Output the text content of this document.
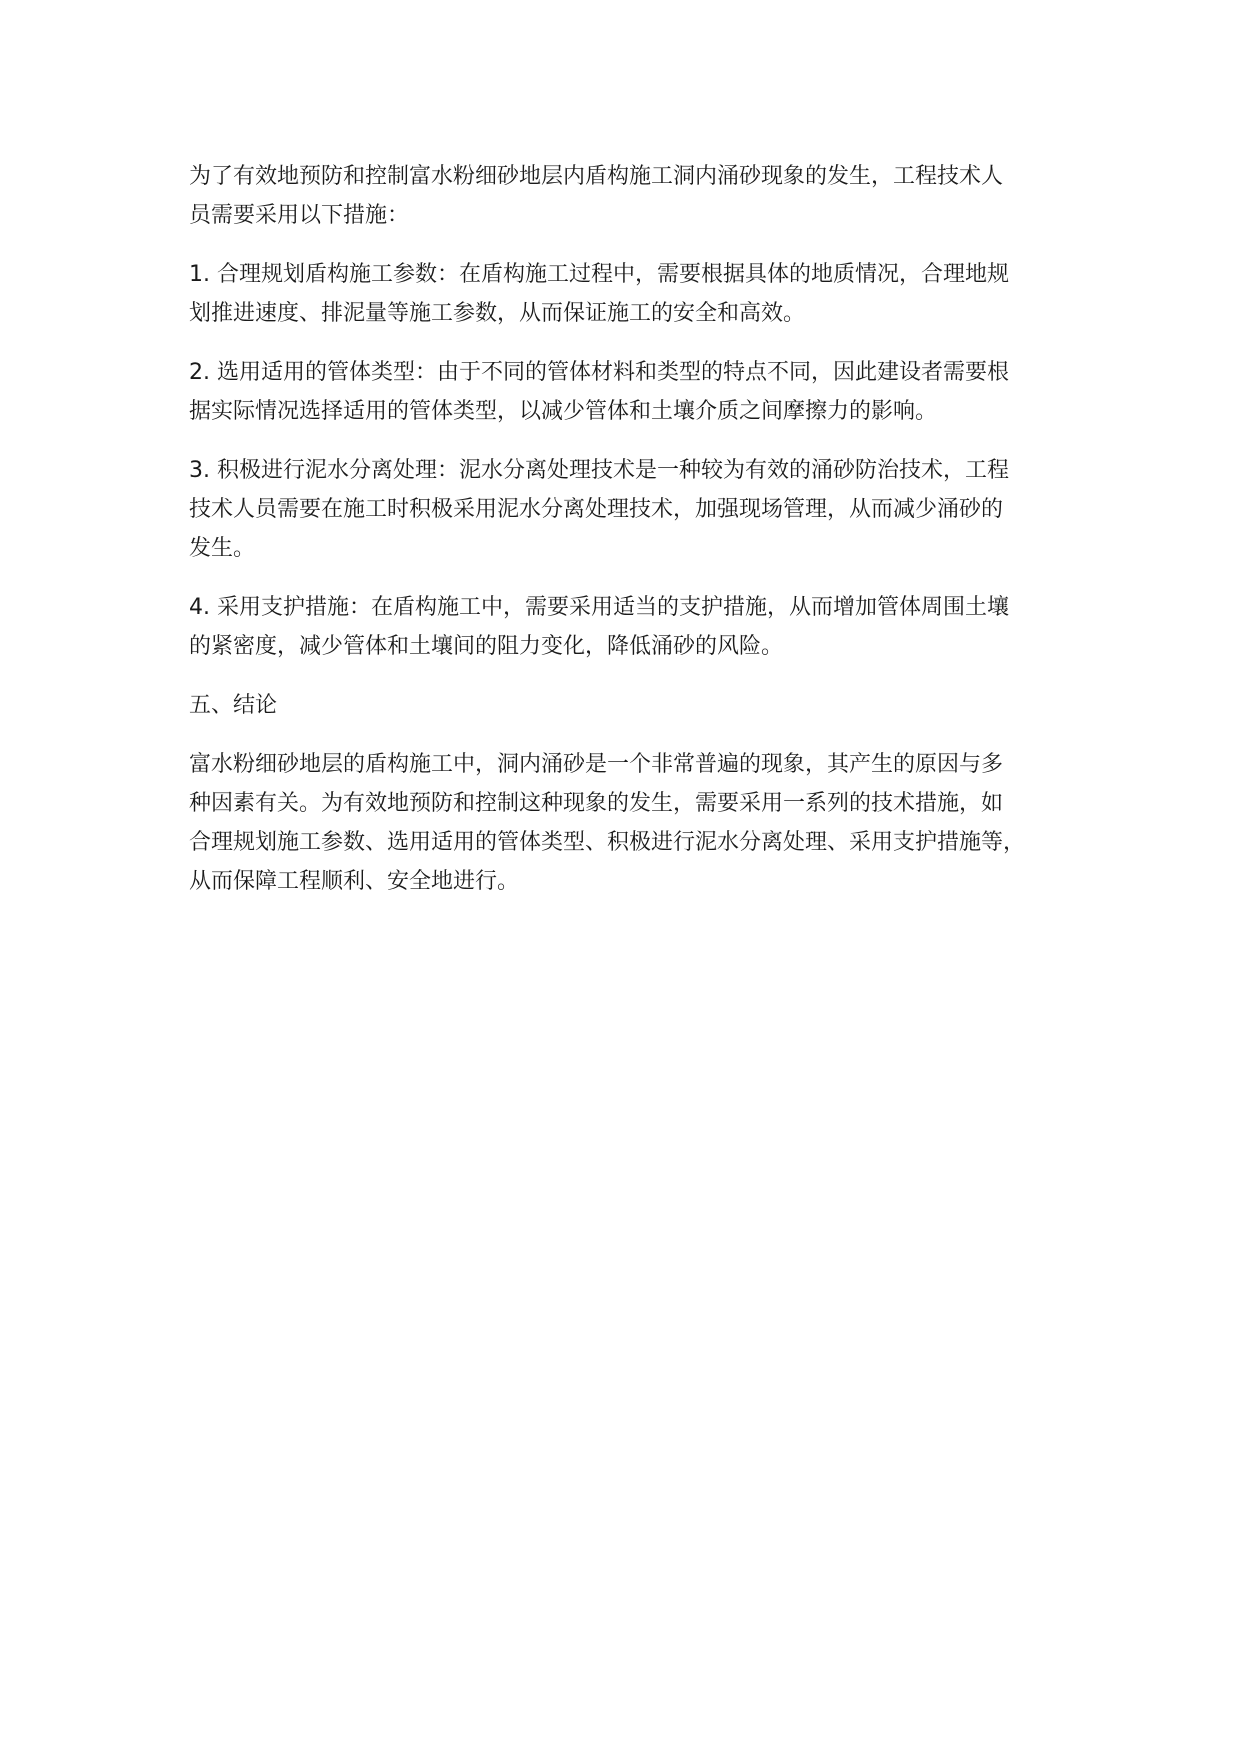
为了有效地预防和控制富水粉细砂地层内盾构施工洞内涌砂现象的发生，工程技术人
员需要采用以下措施：

1. 合理规划盾构施工参数：在盾构施工过程中，需要根据具体的地质情况，合理地规
划推进速度、排泥量等施工参数，从而保证施工的安全和高效。

2. 选用适用的管体类型：由于不同的管体材料和类型的特点不同，因此建设者需要根
据实际情况选择适用的管体类型，以减少管体和土壤介质之间摩擦力的影响。

3. 积极进行泥水分离处理：泥水分离处理技术是一种较为有效的涌砂防治技术，工程
技术人员需要在施工时积极采用泥水分离处理技术，加强现场管理，从而减少涌砂的
发生。

4. 采用支护措施：在盾构施工中，需要采用适当的支护措施，从而增加管体周围土壤
的紧密度，减少管体和土壤间的阻力变化，降低涌砂的风险。

五、结论

富水粉细砂地层的盾构施工中，洞内涌砂是一个非常普遍的现象，其产生的原因与多
种因素有关。为有效地预防和控制这种现象的发生，需要采用一系列的技术措施，如
合理规划施工参数、选用适用的管体类型、积极进行泥水分离处理、采用支护措施等，
从而保障工程顺利、安全地进行。
